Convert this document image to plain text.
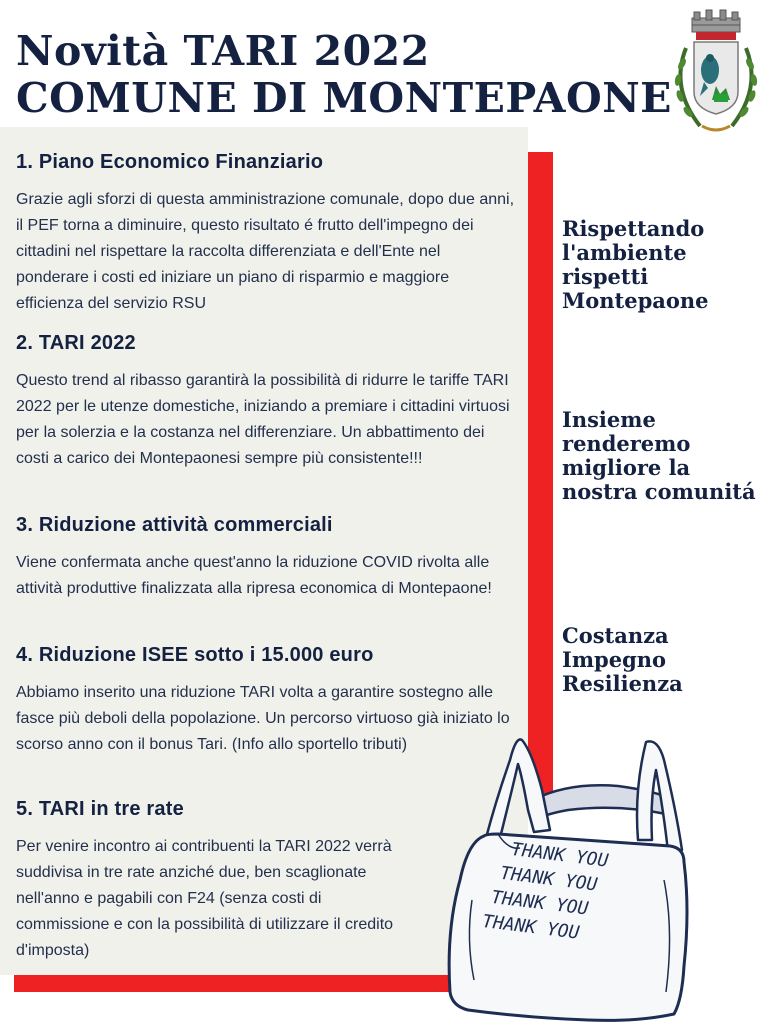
Novità TARI 2022
COMUNE DI MONTEPAONE
1. Piano Economico Finanziario

Grazie agli sforzi di questa amministrazione comunale, dopo due anni, il PEF torna a diminuire, questo risultato é frutto dell'impegno dei cittadini nel rispettare la raccolta differenziata e dell'Ente nel ponderare i costi ed iniziare un piano di risparmio e maggiore efficienza del servizio RSU

2. TARI 2022

Questo trend al ribasso garantirà la possibilità di ridurre le tariffe TARI 2022 per le utenze domestiche, iniziando a premiare i cittadini virtuosi per la solerzia e la costanza nel differenziare. Un abbattimento dei costi a carico dei Montepaonesi sempre più consistente!!!

3. Riduzione attività commerciali

Viene confermata anche quest'anno la riduzione COVID rivolta alle attività produttive finalizzata alla ripresa economica di Montepaone!

4. Riduzione ISEE sotto i 15.000 euro

Abbiamo inserito una riduzione TARI volta a garantire sostegno alle fasce più deboli della popolazione. Un percorso virtuoso già iniziato lo scorso anno con il bonus Tari. (Info allo sportello tributi)

5. TARI in tre rate

Per venire incontro ai contribuenti la TARI 2022 verrà suddivisa in tre rate anziché due, ben scaglionate nell'anno e pagabili con F24 (senza costi di commissione e con la possibilità di utilizzare il credito d'imposta)

Rispettando l'ambiente rispetti Montepaone

Insieme renderemo migliore la nostra comunitá

Costanza Impegno Resilienza

THANK YOU
THANK YOU
THANK YOU
THANK YOU
